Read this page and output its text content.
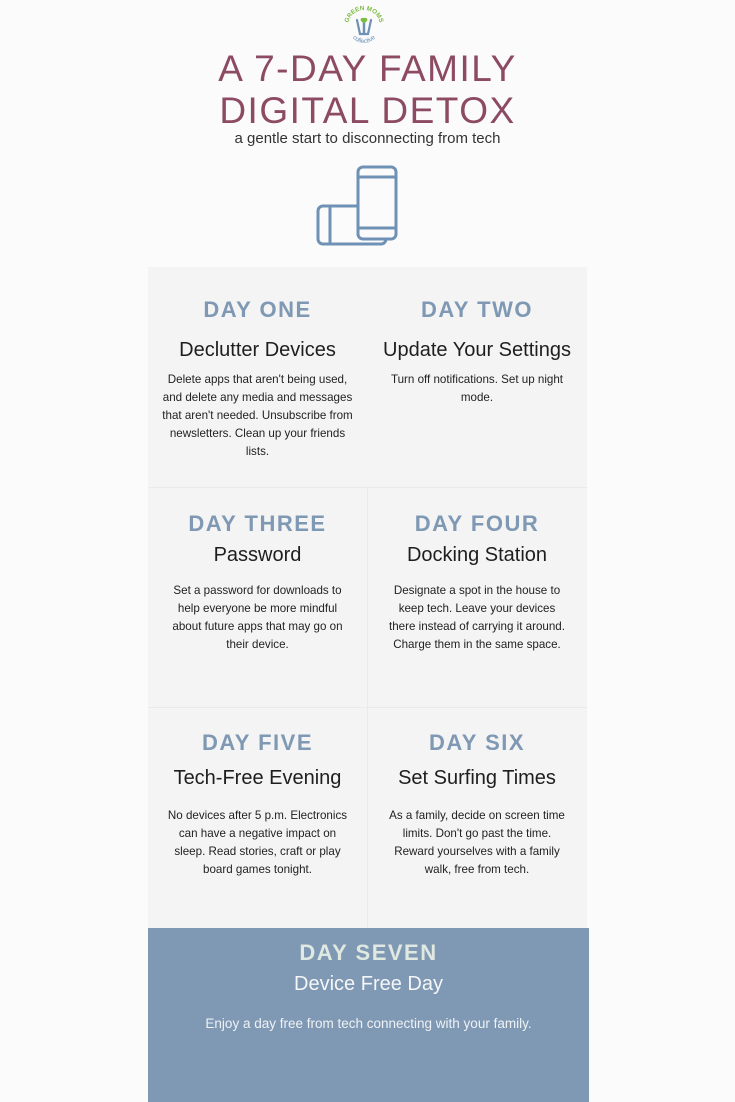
GREEN MOMS
collective
A 7-DAY FAMILY
DIGITAL DETOX
a gentle start to disconnecting from tech
DAY ONE
Declutter Devices
Delete apps that aren't being used,
and delete any media and messages
that aren't needed. Unsubscribe from
newsletters. Clean up your friends
lists.
DAY TWO
Update Your Settings
Turn off notifications. Set up night
mode.
DAY THREE
Password
Set a password for downloads to
help everyone be more mindful
about future apps that may go on
their device.
DAY FOUR
Docking Station
Designate a spot in the house to
keep tech. Leave your devices
there instead of carrying it around.
Charge them in the same space.
DAY FIVE
Tech-Free Evening
No devices after 5 p.m. Electronics
can have a negative impact on
sleep. Read stories, craft or play
board games tonight.
DAY SIX
Set Surfing Times
As a family, decide on screen time
limits. Don't go past the time.
Reward yourselves with a family
walk, free from tech.
DAY SEVEN
Device Free Day
Enjoy a day free from tech connecting with your family.
